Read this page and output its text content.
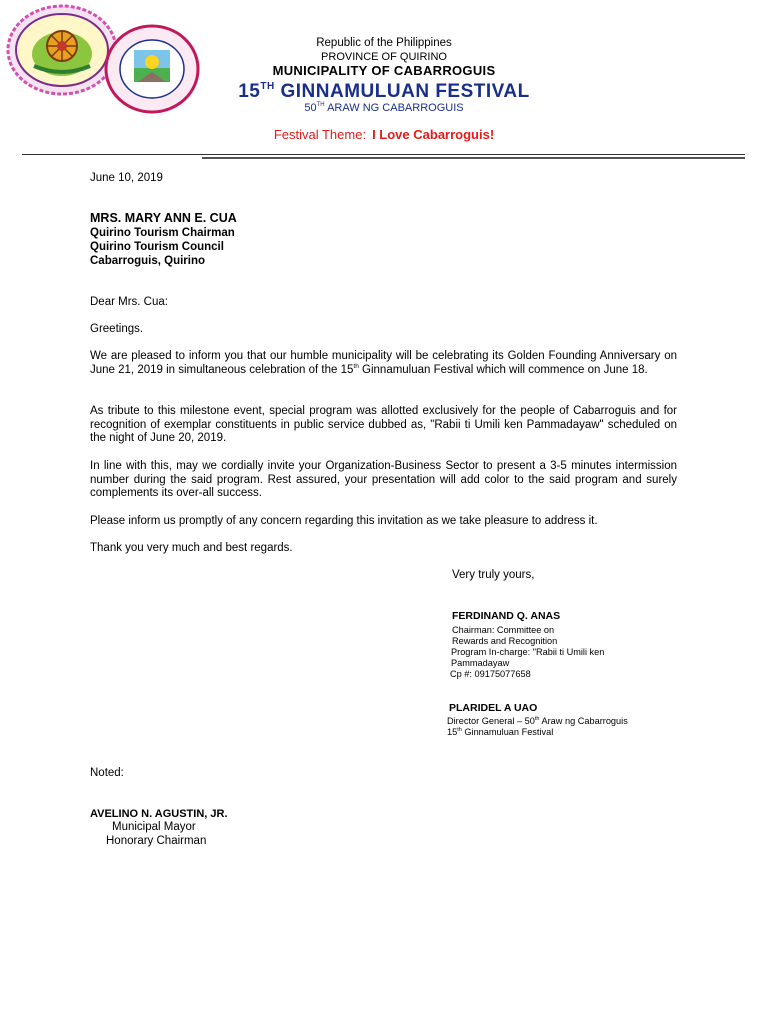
Republic of the Philippines
PROVINCE OF QUIRINO
MUNICIPALITY OF CABARROGUIS
15TH GINNAMULUAN FESTIVAL
50TH ARAW NG CABARROGUIS
Festival Theme: I Love Cabarroguis!
June 10, 2019
MRS. MARY ANN E. CUA
Quirino Tourism Chairman
Quirino Tourism Council
Cabarroguis, Quirino
Dear Mrs. Cua:
Greetings.
We are pleased to inform you that our humble municipality will be celebrating its Golden Founding Anniversary on June 21, 2019 in simultaneous celebration of the 15th Ginnamuluan Festival which will commence on June 18.
As tribute to this milestone event, special program was allotted exclusively for the people of Cabarroguis and for recognition of exemplar constituents in public service dubbed as, "Rabii ti Umili ken Pammadayaw" scheduled on the night of June 20, 2019.
In line with this, may we cordially invite your Organization-Business Sector to present a 3-5 minutes intermission number during the said program. Rest assured, your presentation will add color to the said program and surely complements its over-all success.
Please inform us promptly of any concern regarding this invitation as we take pleasure to address it.
Thank you very much and best regards.
Very truly yours,
FERDINAND Q. ANAS
Chairman: Committee on
Rewards and Recognition
Program In-charge: "Rabii ti Umili ken
Pammadayaw
Cp #: 09175077658
PLARIDEL A UAO
Director General – 50th Araw ng Cabarroguis
15th Ginnamuluan Festival
Noted:
AVELINO N. AGUSTIN, JR.
Municipal Mayor
Honorary Chairman
